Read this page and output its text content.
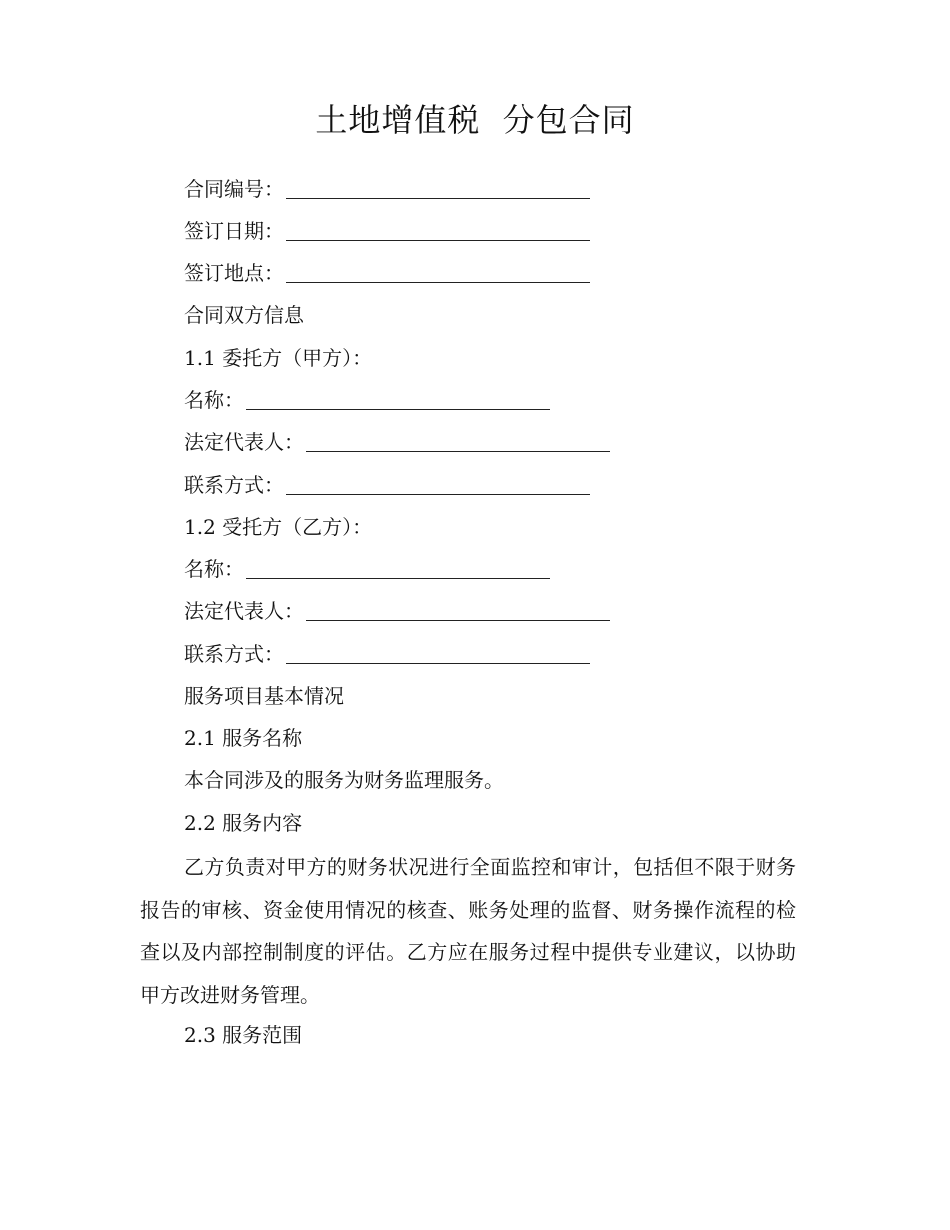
土地增值税  分包合同
合同编号：
签订日期：
签订地点：
合同双方信息
1.1 委托方（甲方）：
名称：
法定代表人：
联系方式：
1.2 受托方（乙方）：
名称：
法定代表人：
联系方式：
服务项目基本情况
2.1 服务名称
本合同涉及的服务为财务监理服务。
2.2 服务内容
乙方负责对甲方的财务状况进行全面监控和审计，包括但不限于财务报告的审核、资金使用情况的核查、账务处理的监督、财务操作流程的检查以及内部控制制度的评估。乙方应在服务过程中提供专业建议，以协助甲方改进财务管理。
2.3 服务范围
